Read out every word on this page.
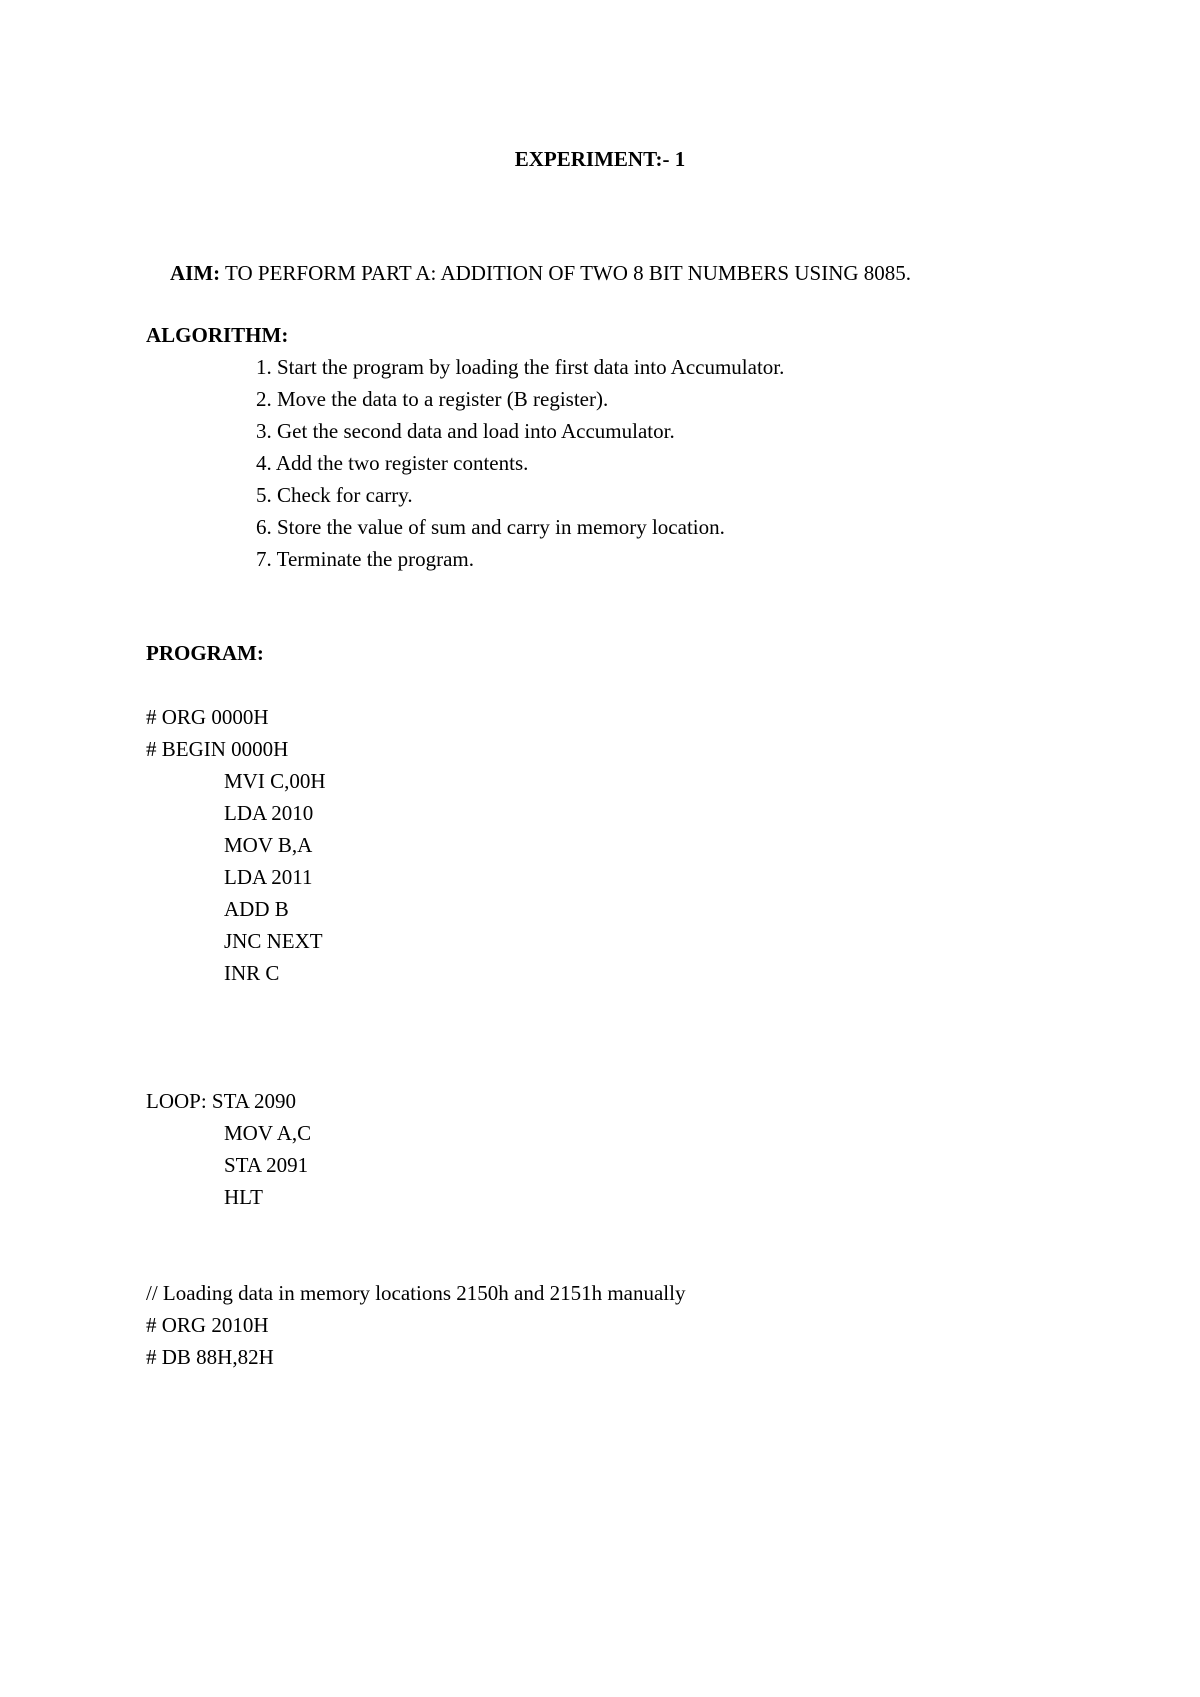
EXPERIMENT:- 1
AIM: TO PERFORM PART A: ADDITION OF TWO 8 BIT NUMBERS USING 8085.
ALGORITHM:
1. Start the program by loading the first data into Accumulator.
2. Move the data to a register (B register).
3. Get the second data and load into Accumulator.
4. Add the two register contents.
5. Check for carry.
6. Store the value of sum and carry in memory location.
7. Terminate the program.
PROGRAM:
# ORG 0000H
# BEGIN 0000H
MVI C,00H
LDA 2010
MOV B,A
LDA 2011
ADD B
JNC NEXT
INR C
LOOP: STA 2090
MOV A,C
STA 2091
HLT
// Loading data in memory locations 2150h and 2151h manually
# ORG 2010H
# DB 88H,82H
